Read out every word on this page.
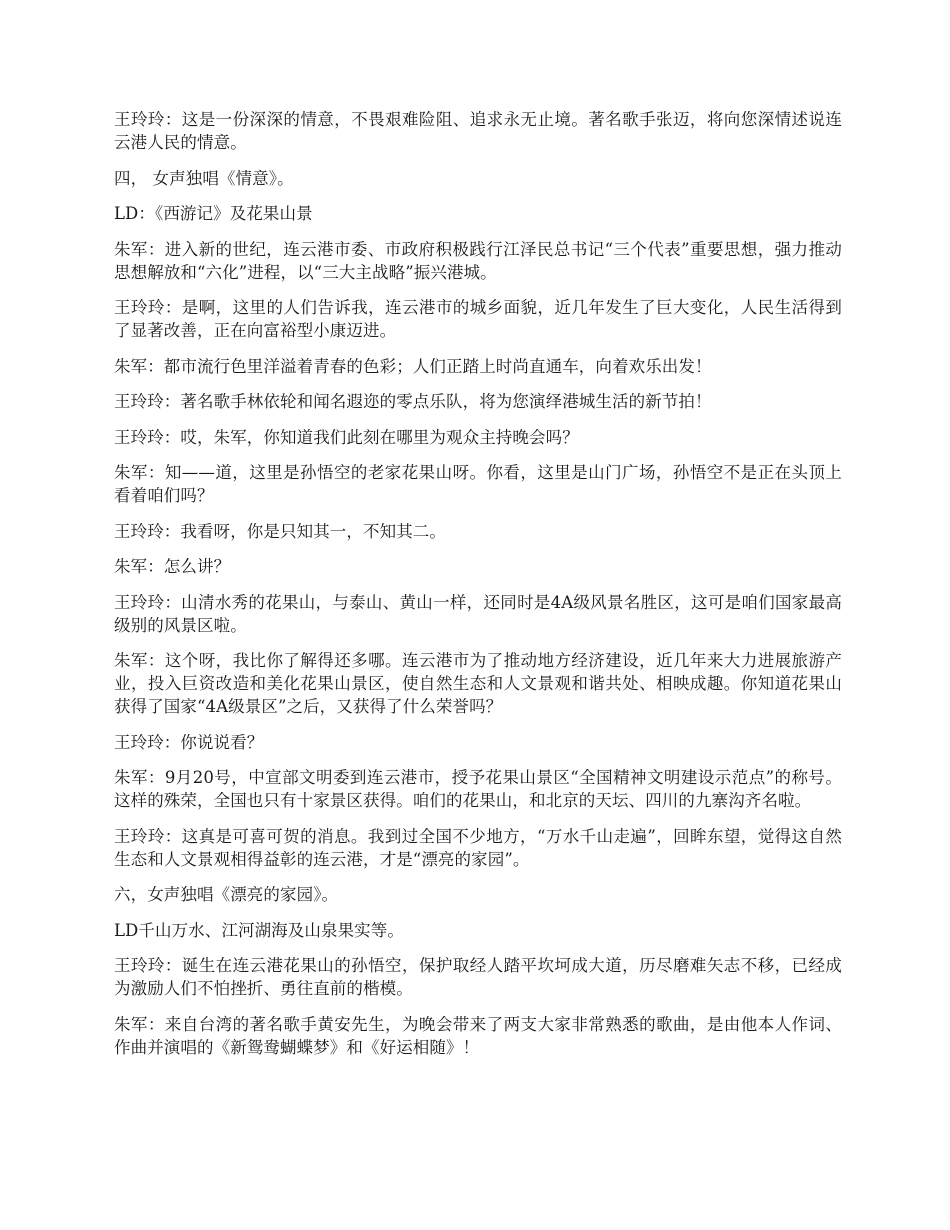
王玲玲：这是一份深深的情意，不畏艰难险阻、追求永无止境。著名歌手张迈，将向您深情述说连云港人民的情意。

四， 女声独唱《情意》。

LD：《西游记》及花果山景

朱军：进入新的世纪，连云港市委、市政府积极践行江泽民总书记“三个代表”重要思想，强力推动思想解放和“六化”进程，以“三大主战略”振兴港城。

王玲玲：是啊，这里的人们告诉我，连云港市的城乡面貌，近几年发生了巨大变化，人民生活得到了显著改善，正在向富裕型小康迈进。

朱军：都市流行色里洋溢着青春的色彩；人们正踏上时尚直通车，向着欢乐出发！

王玲玲：著名歌手林依轮和闻名遐迩的零点乐队，将为您演绎港城生活的新节拍！

王玲玲：哎，朱军，你知道我们此刻在哪里为观众主持晚会吗？

朱军：知——道，这里是孙悟空的老家花果山呀。你看，这里是山门广场，孙悟空不是正在头顶上看着咱们吗？

王玲玲：我看呀，你是只知其一，不知其二。

朱军：怎么讲？

王玲玲：山清水秀的花果山，与泰山、黄山一样，还同时是4A级风景名胜区，这可是咱们国家最高级别的风景区啦。

朱军：这个呀，我比你了解得还多哪。连云港市为了推动地方经济建设，近几年来大力进展旅游产业，投入巨资改造和美化花果山景区，使自然生态和人文景观和谐共处、相映成趣。你知道花果山获得了国家“4A级景区”之后，又获得了什么荣誉吗？

王玲玲：你说说看？

朱军：9月20号，中宣部文明委到连云港市，授予花果山景区“全国精神文明建设示范点”的称号。这样的殊荣，全国也只有十家景区获得。咱们的花果山，和北京的天坛、四川的九寨沟齐名啦。

王玲玲：这真是可喜可贺的消息。我到过全国不少地方，“万水千山走遍”，回眸东望，觉得这自然生态和人文景观相得益彰的连云港，才是“漂亮的家园”。

六，女声独唱《漂亮的家园》。

LD千山万水、江河湖海及山泉果实等。

王玲玲：诞生在连云港花果山的孙悟空，保护取经人踏平坎坷成大道，历尽磨难矢志不移，已经成为激励人们不怕挫折、勇往直前的楷模。

朱军：来自台湾的著名歌手黄安先生，为晚会带来了两支大家非常熟悉的歌曲，是由他本人作词、作曲并演唱的《新鸳鸯蝴蝶梦》和《好运相随》！
